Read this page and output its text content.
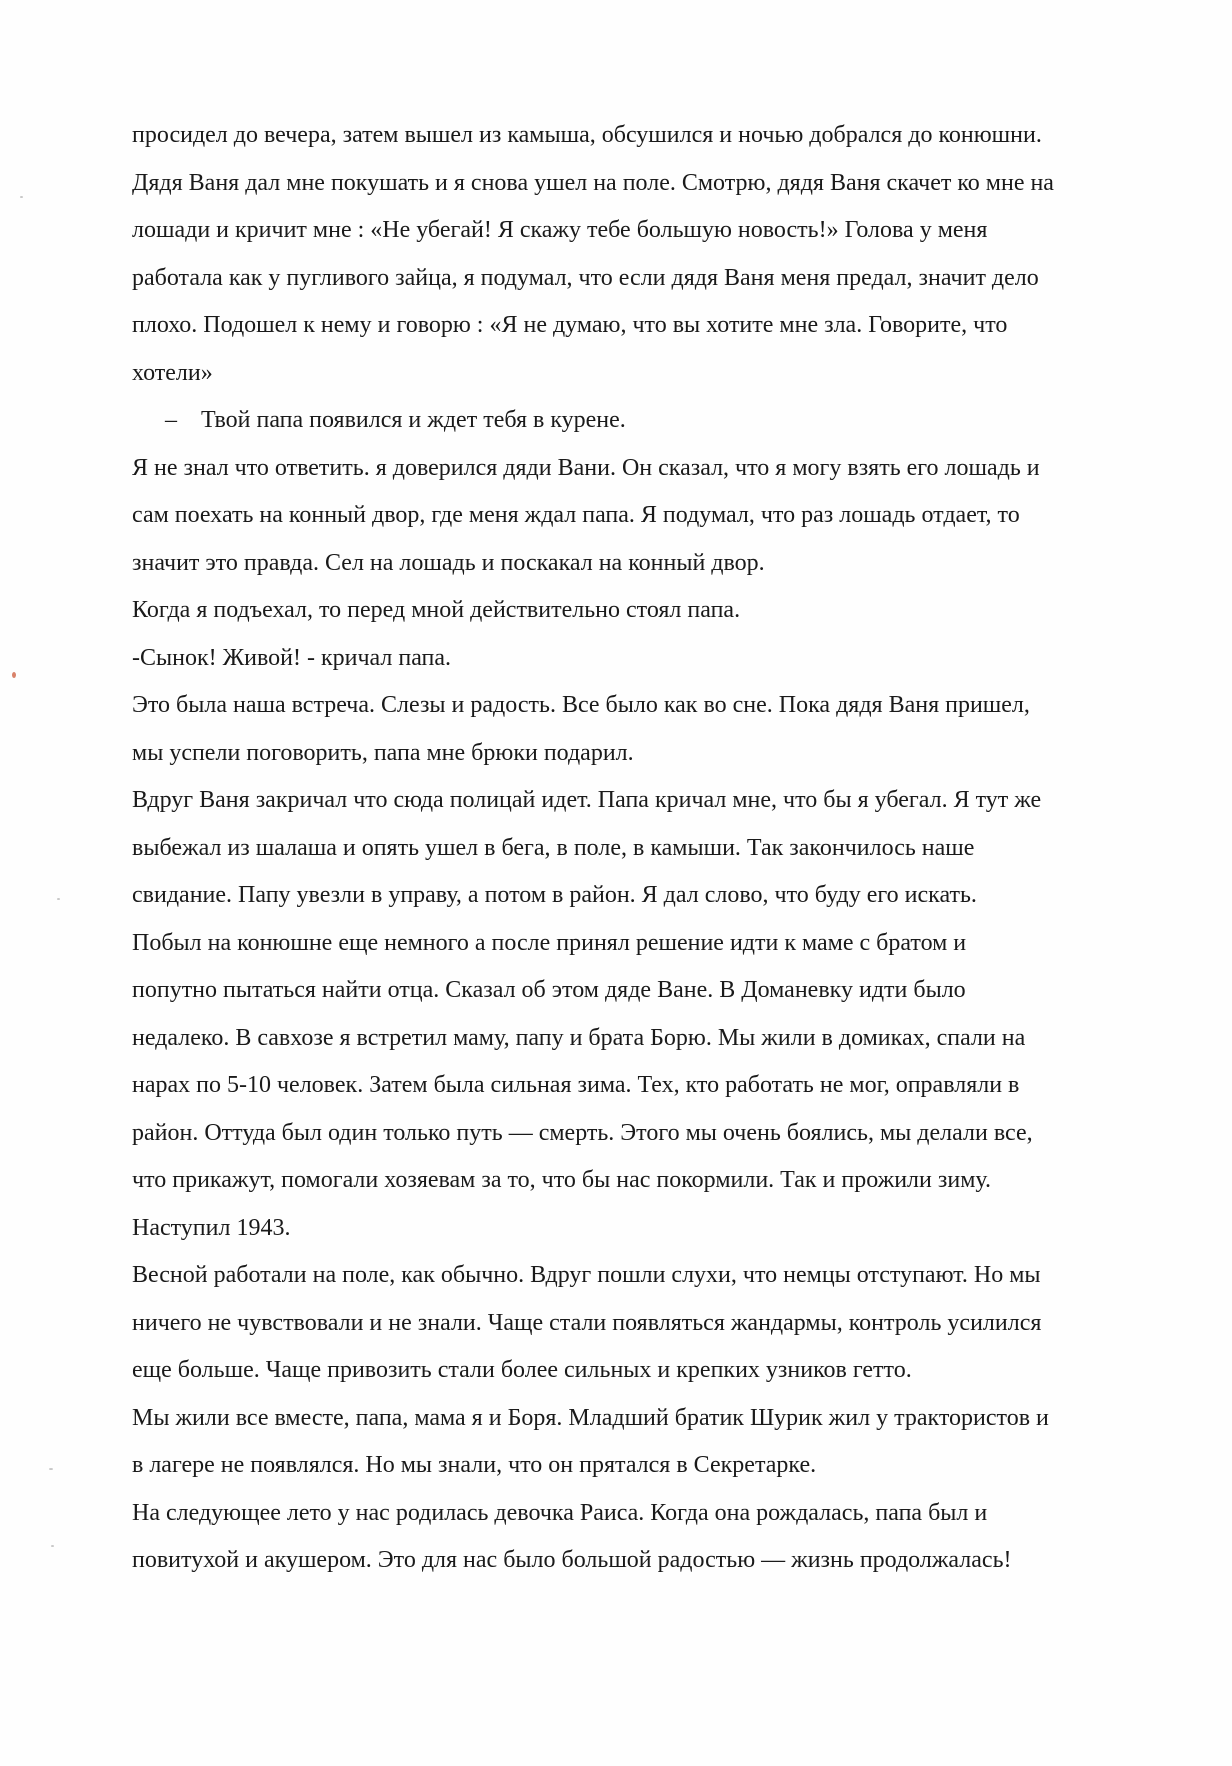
просидел до вечера, затем вышел из камыша, обсушился и ночью добрался до конюшни.
Дядя Ваня дал мне покушать и я снова ушел на поле. Смотрю, дядя Ваня скачет ко мне на
лошади и кричит мне : «Не убегай! Я скажу тебе большую новость!» Голова у меня
работала как у пугливого зайца, я подумал, что если дядя Ваня меня предал, значит дело
плохо. Подошел к нему и говорю : «Я не думаю, что вы хотите мне зла. Говорите, что
хотели»
– Твой папа появился и ждет тебя в курене.
Я не знал что ответить. я доверился дяди Вани. Он сказал, что я могу взять его лошадь и
сам поехать на конный двор, где меня ждал папа. Я подумал, что раз лошадь отдает, то
значит это правда. Сел на лошадь и поскакал на конный двор.
Когда я подъехал, то перед мной действительно стоял папа.
-Сынок! Живой! - кричал папа.
Это была наша встреча. Слезы и радость. Все было как во сне. Пока дядя Ваня пришел,
мы успели поговорить, папа мне брюки подарил.
Вдруг Ваня закричал что сюда полицай идет. Папа кричал мне, что бы я убегал. Я тут же
выбежал из шалаша и опять ушел в бега, в поле, в камыши. Так закончилось наше
свидание. Папу увезли в управу, а потом в район. Я дал слово, что буду его искать.
Побыл на конюшне еще немного а после принял решение идти к маме с братом и
попутно пытаться найти отца. Сказал об этом дяде Ване. В Доманевку идти было
недалеко. В савхозе я встретил маму, папу и брата Борю. Мы жили в домиках, спали на
нарах по 5-10 человек. Затем была сильная зима. Тех, кто работать не мог, оправляли в
район. Оттуда был один только путь — смерть. Этого мы очень боялись, мы делали все,
что прикажут, помогали хозяевам за то, что бы нас покормили. Так и прожили зиму.
Наступил 1943.
Весной работали на поле, как обычно. Вдруг пошли слухи, что немцы отступают. Но мы
ничего не чувствовали и не знали. Чаще стали появляться жандармы, контроль усилился
еще больше. Чаще привозить стали более сильных и крепких узников гетто.
Мы жили все вместе, папа, мама я и Боря. Младший братик Шурик жил у трактористов и
в лагере не появлялся. Но мы знали, что он прятался в Секретарке.
На следующее лето у нас родилась девочка Раиса. Когда она рождалась, папа был и
повитухой и акушером. Это для нас было большой радостью — жизнь продолжалась!
